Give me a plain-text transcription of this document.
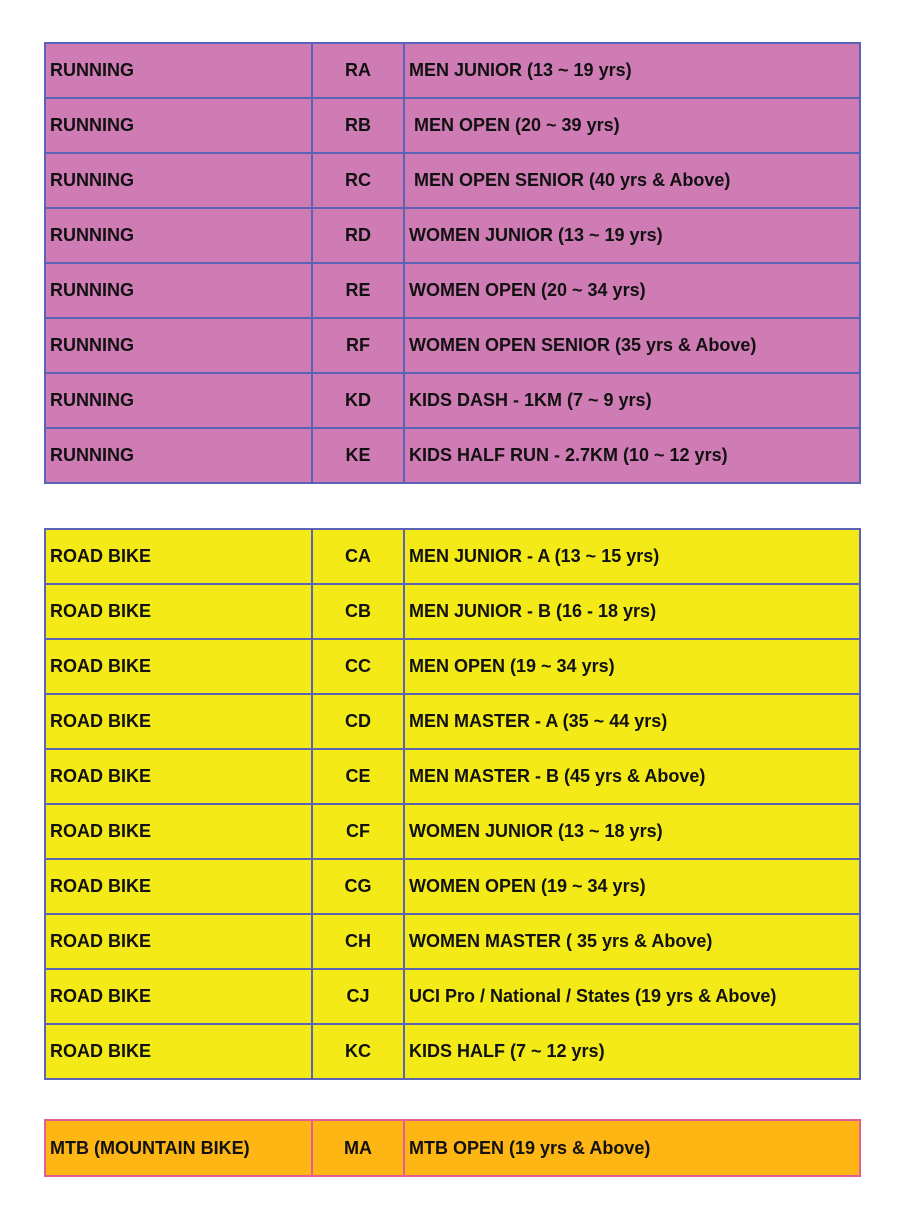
RUNNING	RA	MEN JUNIOR (13 ~ 19 yrs)
RUNNING	RB	MEN OPEN (20 ~ 39 yrs)
RUNNING	RC	MEN OPEN SENIOR (40 yrs & Above)
RUNNING	RD	WOMEN JUNIOR (13 ~ 19 yrs)
RUNNING	RE	WOMEN OPEN (20 ~ 34 yrs)
RUNNING	RF	WOMEN OPEN SENIOR (35 yrs & Above)
RUNNING	KD	KIDS DASH - 1KM (7 ~ 9 yrs)
RUNNING	KE	KIDS HALF RUN - 2.7KM (10 ~ 12 yrs)
ROAD BIKE	CA	MEN JUNIOR - A (13 ~ 15 yrs)
ROAD BIKE	CB	MEN JUNIOR - B (16 - 18 yrs)
ROAD BIKE	CC	MEN OPEN (19 ~ 34 yrs)
ROAD BIKE	CD	MEN MASTER - A (35 ~ 44 yrs)
ROAD BIKE	CE	MEN MASTER - B (45 yrs & Above)
ROAD BIKE	CF	WOMEN JUNIOR (13 ~ 18 yrs)
ROAD BIKE	CG	WOMEN OPEN (19 ~ 34 yrs)
ROAD BIKE	CH	WOMEN MASTER ( 35 yrs & Above)
ROAD BIKE	CJ	UCI Pro / National / States (19 yrs & Above)
ROAD BIKE	KC	KIDS HALF (7 ~ 12 yrs)
MTB (MOUNTAIN BIKE)	MA	MTB OPEN (19 yrs & Above)
